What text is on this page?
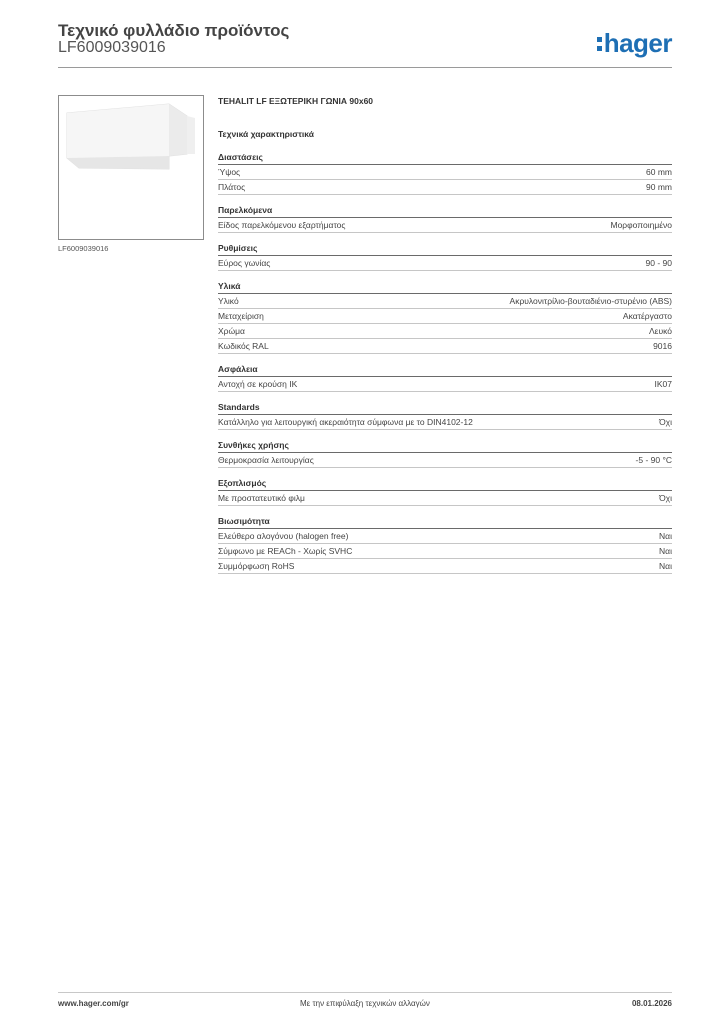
Τεχνικό φυλλάδιο προϊόντος
LF6009039016	hager
LF6009039016
TEHALIT LF ΕΞΩΤΕΡΙΚΗ ΓΩΝΙΑ 90x60
Τεχνικά χαρακτηριστικά
Διαστάσεις
Ύψος	60 mm
Πλάτος	90 mm
Παρελκόμενα
Είδος παρελκόμενου εξαρτήματος	Μορφοποιημένο
Ρυθμίσεις
Εύρος γωνίας	90 - 90
Υλικά
Υλικό	Ακρυλονιτρίλιο-βουταδιένιο-στυρένιο (ABS)
Μεταχείριση	Ακατέργαστο
Χρώμα	Λευκό
Κωδικός RAL	9016
Ασφάλεια
Αντοχή σε κρούση IK	IK07
Standards
Κατάλληλο για λειτουργική ακεραιότητα σύμφωνα με το DIN4102-12	Όχι
Συνθήκες χρήσης
Θερμοκρασία λειτουργίας	-5 - 90 °C
Εξοπλισμός
Με προστατευτικό φιλμ	Όχι
Βιωσιμότητα
Ελεύθερο αλογόνου (halogen free)	Ναι
Σύμφωνο με REACh - Χωρίς SVHC	Ναι
Συμμόρφωση RoHS	Ναι
www.hager.com/gr	Με την επιφύλαξη τεχνικών αλλαγών	08.01.2026
